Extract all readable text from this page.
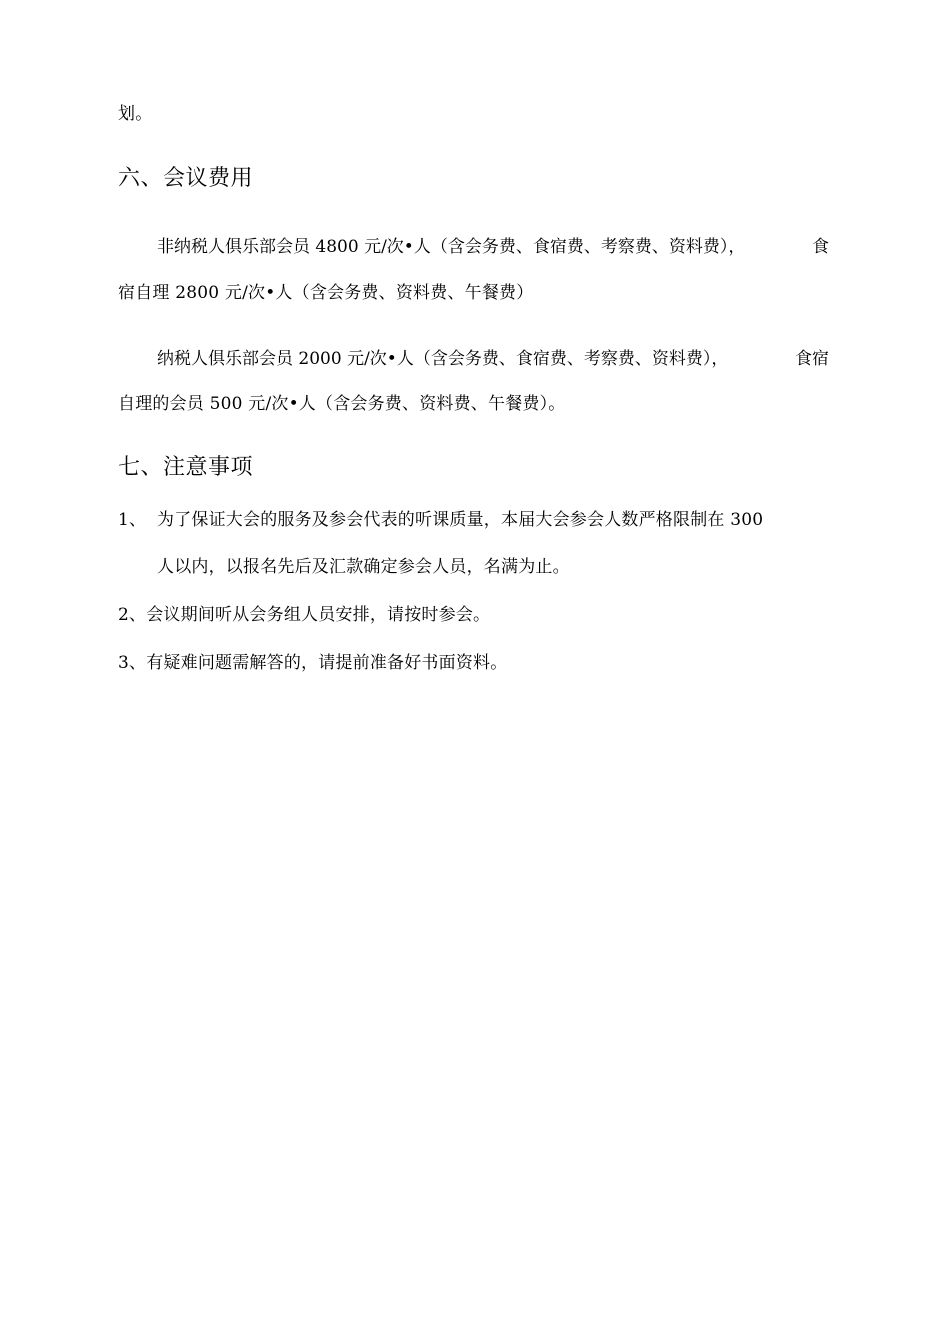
划。
六、会议费用
非纳税人俱乐部会员 4800 元/次•人（含会务费、食宿费、考察费、资料费），	食
宿自理 2800 元/次•人（含会务费、资料费、午餐费）
纳税人俱乐部会员 2000 元/次•人（含会务费、食宿费、考察费、资料费），	食宿
自理的会员 500 元/次•人（含会务费、资料费、午餐费）。
七、注意事项
1、 为了保证大会的服务及参会代表的听课质量，本届大会参会人数严格限制在 300
人以内，以报名先后及汇款确定参会人员，名满为止。
2、会议期间听从会务组人员安排，请按时参会。
3、有疑难问题需解答的，请提前准备好书面资料。
